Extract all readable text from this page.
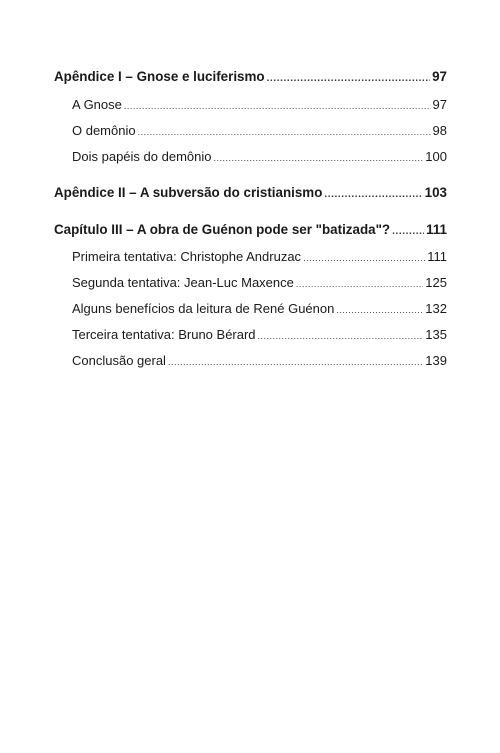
Apêndice I – Gnose e luciferismo .....	97
A Gnose .....	97
O demônio .....	98
Dois papéis do demônio .....	100
Apêndice II – A subversão do cristianismo .....	103
Capítulo III – A obra de Guénon pode ser "batizada"? .....	111
Primeira tentativa: Christophe Andruzac .....	111
Segunda tentativa: Jean-Luc Maxence .....	125
Alguns benefícios da leitura de René Guénon .....	132
Terceira tentativa: Bruno Bérard .....	135
Conclusão geral .....	139
